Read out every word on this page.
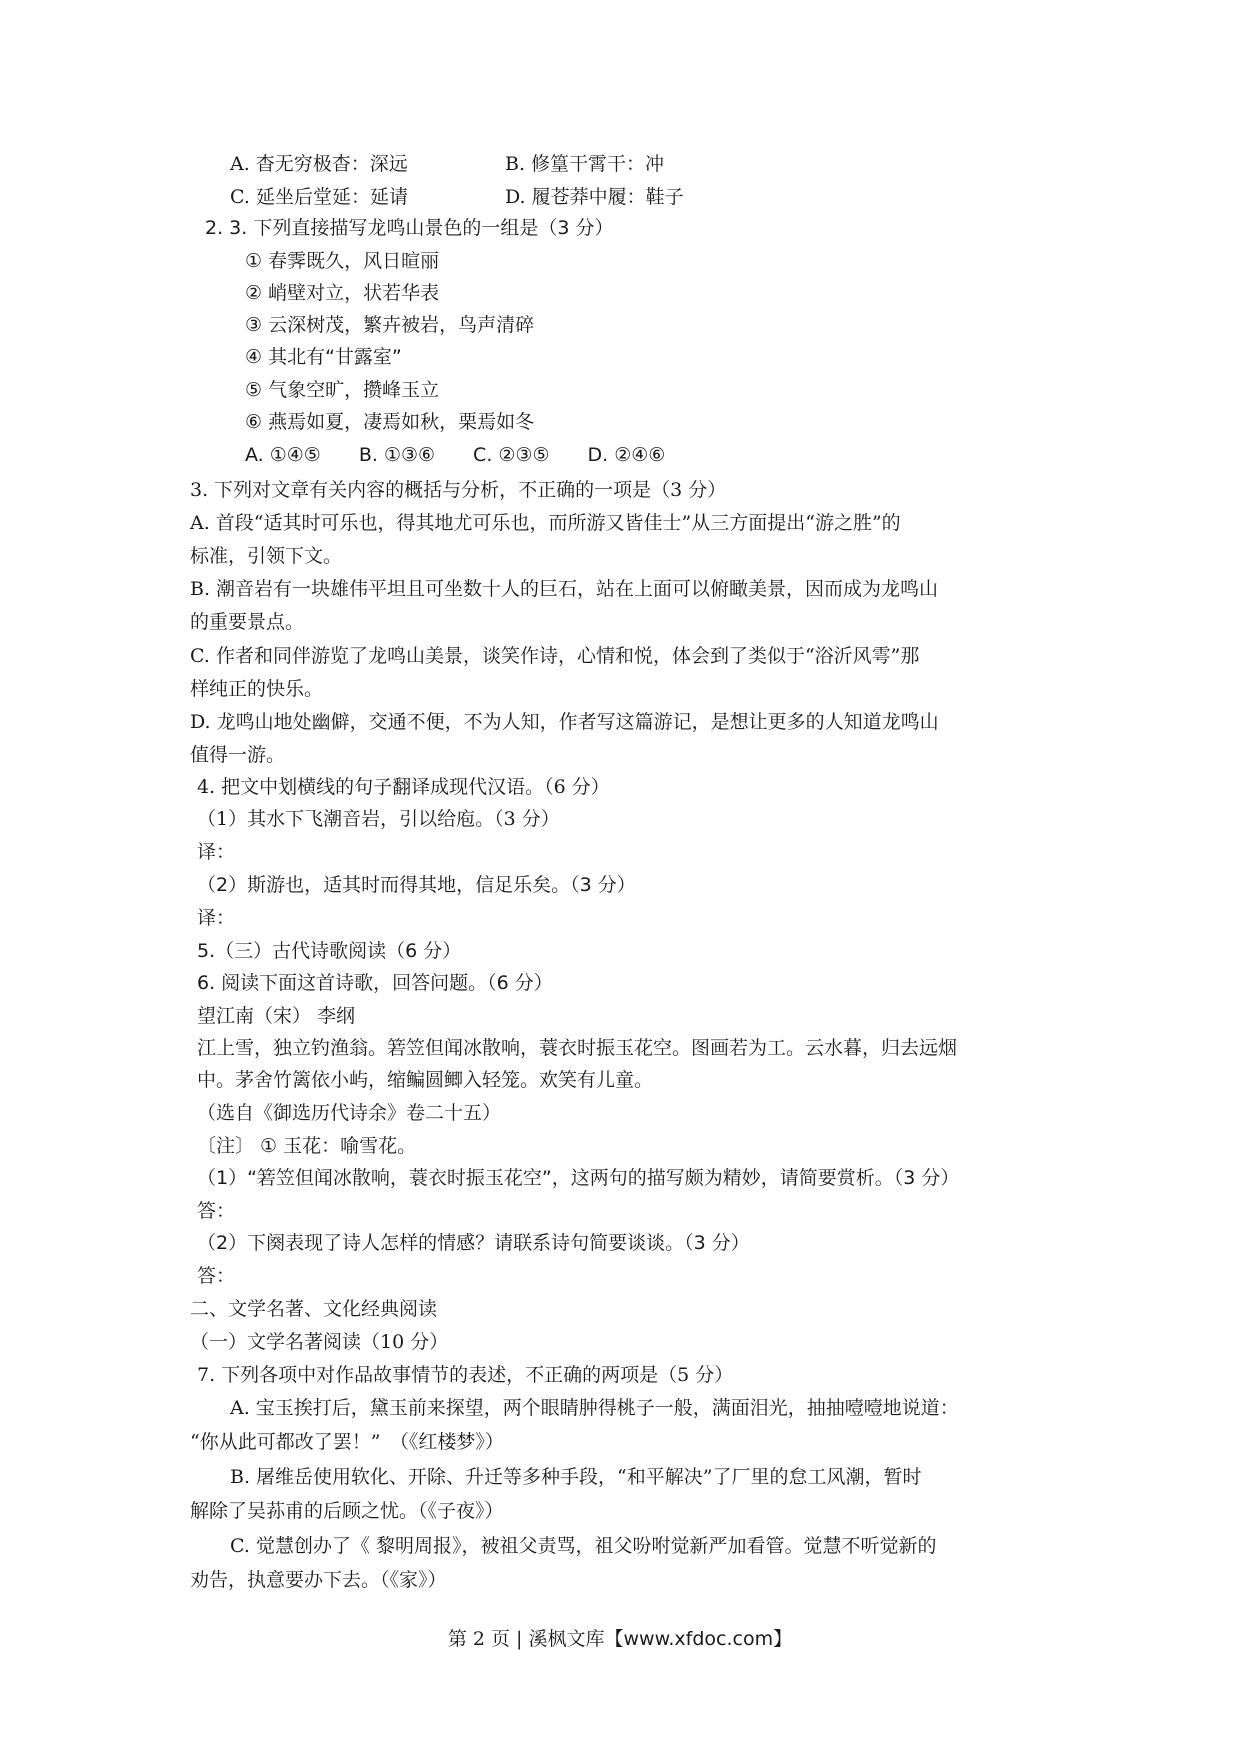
A. 杳无穷极杳：深远	B. 修篁干霄干：冲
C. 延坐后堂延：延请	D. 履苍莽中履：鞋子
2. 3. 下列直接描写龙鸣山景色的一组是（3 分）
① 春霁既久，风日暄丽
② 峭壁对立，状若华表
③ 云深树茂，繁卉被岩，鸟声清碎
④ 其北有“甘露室”
⑤ 气象空旷，攒峰玉立
⑥ 燕焉如夏，凄焉如秋，栗焉如冬
A. ①④⑤　　B. ①③⑥　　C. ②③⑤　　D. ②④⑥
3. 下列对文章有关内容的概括与分析，不正确的一项是（3 分）
A. 首段“适其时可乐也，得其地尤可乐也，而所游又皆佳士”从三方面提出“游之胜”的
标准，引领下文。
B. 潮音岩有一块雄伟平坦且可坐数十人的巨石，站在上面可以俯瞰美景，因而成为龙鸣山
的重要景点。
C. 作者和同伴游览了龙鸣山美景，谈笑作诗，心情和悦，体会到了类似于“浴沂风雩”那
样纯正的快乐。
D. 龙鸣山地处幽僻，交通不便，不为人知，作者写这篇游记，是想让更多的人知道龙鸣山
值得一游。
4. 把文中划横线的句子翻译成现代汉语。（6 分）
（1）其水下飞潮音岩，引以给庖。（3 分）
译：
（2）斯游也，适其时而得其地，信足乐矣。（3 分）
译：
5.（三）古代诗歌阅读（6 分）
6. 阅读下面这首诗歌，回答问题。（6 分）
望江南（宋） 李纲
江上雪，独立钓渔翁。箬笠但闻冰散响，蓑衣时振玉花空。图画若为工。云水暮，归去远烟
中。茅舍竹篱依小屿，缩鳊圆鲫入轻笼。欢笑有儿童。
（选自《御选历代诗余》卷二十五）
〔注〕 ① 玉花：喻雪花。
（1）“箬笠但闻冰散响，蓑衣时振玉花空”，这两句的描写颇为精妙，请简要赏析。（3 分）
答：
（2）下阕表现了诗人怎样的情感？请联系诗句简要谈谈。（3 分）
答：
二、文学名著、文化经典阅读
（一）文学名著阅读（10 分）
7. 下列各项中对作品故事情节的表述，不正确的两项是（5 分）
A. 宝玉挨打后，黛玉前来探望，两个眼睛肿得桃子一般，满面泪光，抽抽噎噎地说道：
“你从此可都改了罢！”　（《红楼梦》）
B. 屠维岳使用软化、开除、升迁等多种手段，“和平解决”了厂里的怠工风潮，暂时
解除了吴荪甫的后顾之忧。（《子夜》）
C. 觉慧创办了《 黎明周报》，被祖父责骂，祖父吩咐觉新严加看管。觉慧不听觉新的
劝告，执意要办下去。（《家》）
第 2 页 | 溪枫文库【www.xfdoc.com】
